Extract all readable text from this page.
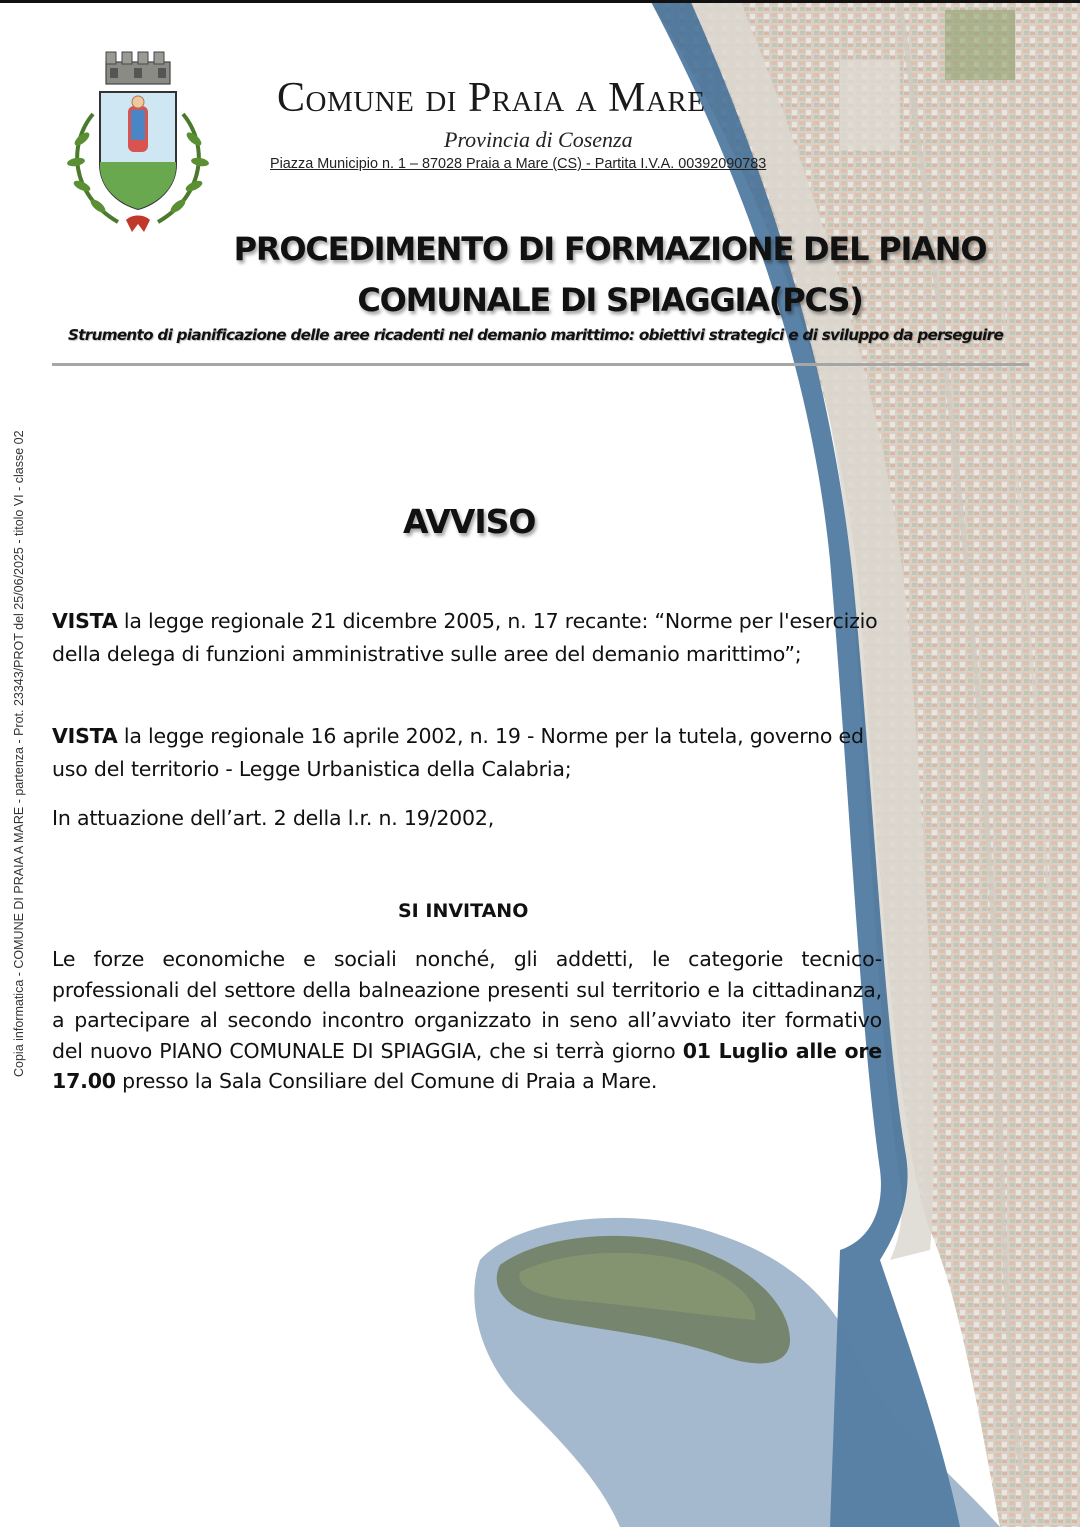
Copia informatica - COMUNE DI PRAIA A MARE - partenza - Prot. 23343/PROT del 25/06/2025 - titolo VI - classe 02
Comune di Praia a Mare
Provincia di Cosenza
Piazza Municipio n. 1 – 87028 Praia a Mare (CS) - Partita I.V.A. 00392090783
PROCEDIMENTO DI FORMAZIONE DEL PIANO
COMUNALE DI SPIAGGIA(PCS)
Strumento di pianificazione delle aree ricadenti nel demanio marittimo: obiettivi strategici e di sviluppo da perseguire
AVVISO
VISTA la legge regionale 21 dicembre 2005, n. 17 recante: “Norme per l'esercizio della delega di funzioni amministrative sulle aree del demanio marittimo”;
VISTA la legge regionale 16 aprile 2002, n. 19 - Norme per la tutela, governo ed uso del territorio - Legge Urbanistica della Calabria;
In attuazione dell’art. 2 della l.r. n. 19/2002,
SI INVITANO
Le forze economiche e sociali nonché, gli addetti, le categorie tecnico-professionali del settore della balneazione presenti sul territorio e la cittadinanza, a partecipare al secondo incontro organizzato in seno all’avviato iter formativo del nuovo PIANO COMUNALE DI SPIAGGIA, che si terrà giorno 01 Luglio alle ore 17.00 presso la Sala Consiliare del Comune di Praia a Mare.
